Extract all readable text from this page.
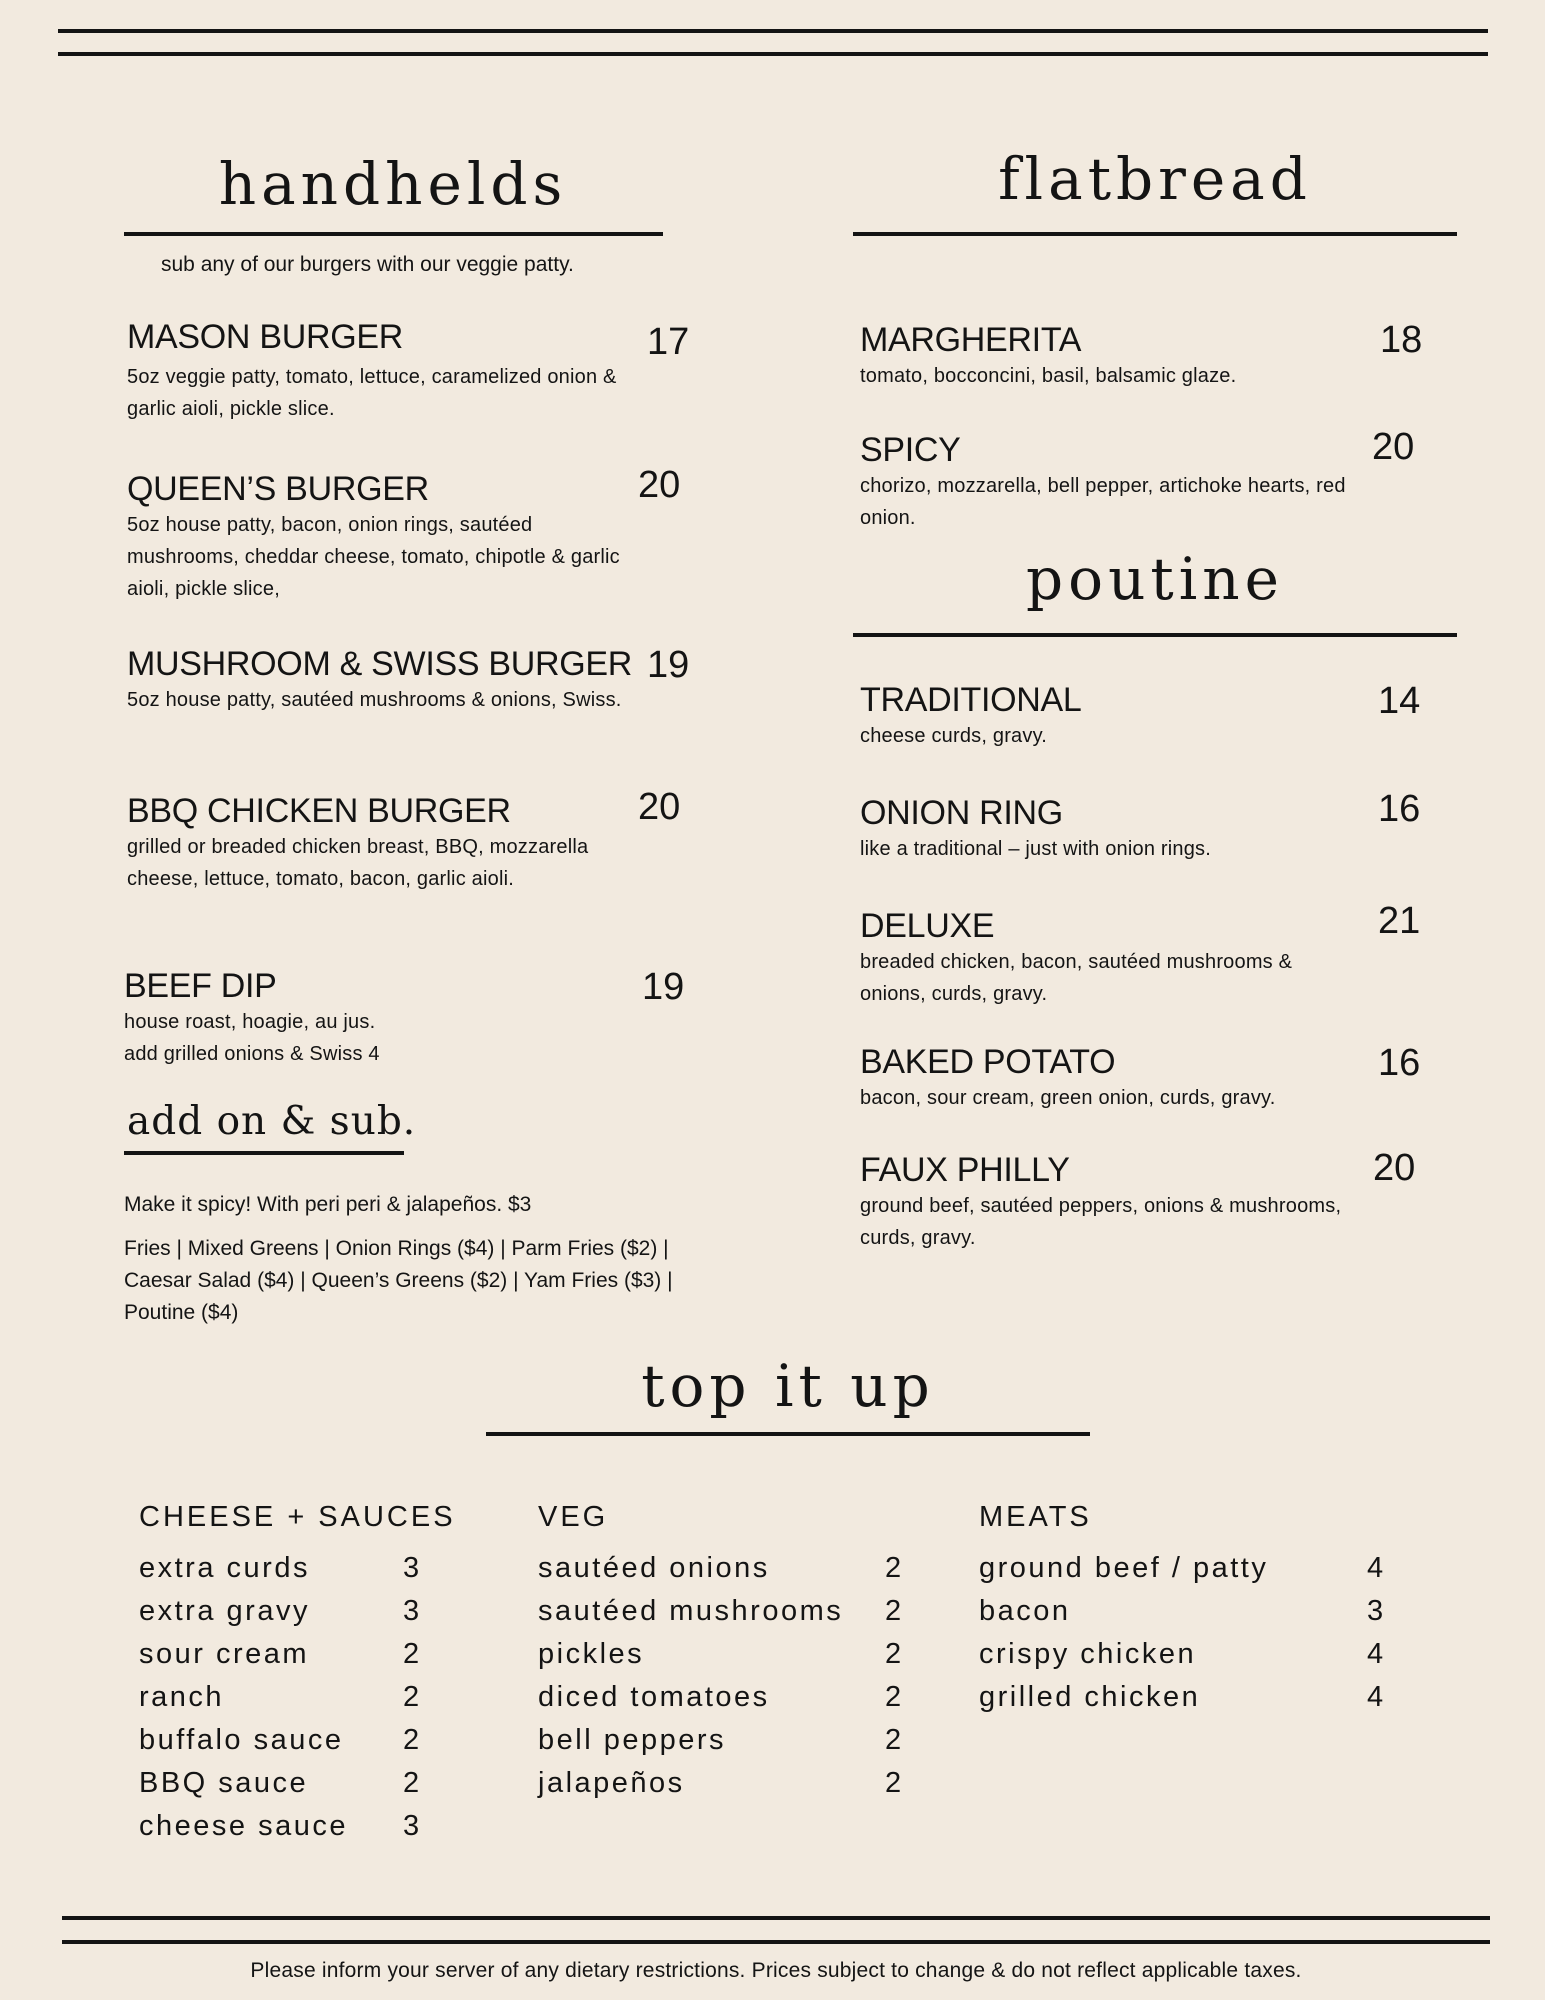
handhelds
sub any of our burgers with our veggie patty.
MASON BURGER
5oz veggie patty, tomato, lettuce, caramelized onion & garlic aioli, pickle slice.
17
QUEEN’S BURGER
5oz house patty, bacon, onion rings, sautéed mushrooms, cheddar cheese, tomato, chipotle & garlic aioli, pickle slice,
20
MUSHROOM & SWISS BURGER
5oz house patty, sautéed mushrooms & onions, Swiss.
19
BBQ CHICKEN BURGER
grilled or breaded chicken breast, BBQ, mozzarella cheese, lettuce, tomato, bacon, garlic aioli.
20
BEEF DIP
house roast, hoagie, au jus.
add grilled onions & Swiss 4
19
add on & sub.
Make it spicy! With peri peri & jalapeños. $3
Fries | Mixed Greens | Onion Rings ($4) | Parm Fries ($2) | Caesar Salad ($4) | Queen’s Greens ($2) | Yam Fries ($3) | Poutine ($4)
flatbread
MARGHERITA
tomato, bocconcini, basil, balsamic glaze.
18
SPICY
chorizo, mozzarella, bell pepper, artichoke hearts, red onion.
20
poutine
TRADITIONAL
cheese curds, gravy.
14
ONION RING
like a traditional – just with onion rings.
16
DELUXE
breaded chicken, bacon, sautéed mushrooms & onions, curds, gravy.
21
BAKED POTATO
bacon, sour cream, green onion, curds, gravy.
16
FAUX PHILLY
ground beef, sautéed peppers, onions & mushrooms, curds, gravy.
20
top it up
CHEESE + SAUCES
extra curds	3
extra gravy	3
sour cream	2
ranch	2
buffalo sauce 2
BBQ sauce	2
cheese sauce 3
VEG
sautéed onions	2
sautéed mushrooms 2
pickles	2
diced tomatoes	2
bell peppers	2
jalapeños	2
MEATS
ground beef / patty	4
bacon	3
crispy chicken	4
grilled chicken	4
Please inform your server of any dietary restrictions. Prices subject to change & do not reflect applicable taxes.
